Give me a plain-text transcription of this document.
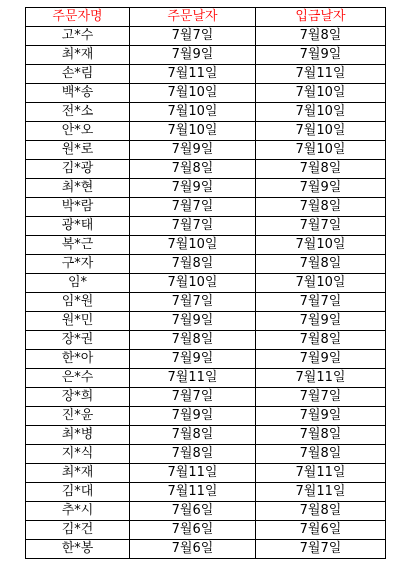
주문자명	주문날자	입금날자
고*수	7월7일	7월8일
최*재	7월9일	7월9일
손*림	7월11일	7월11일
백*송	7월10일	7월10일
전*소	7월10일	7월10일
안*오	7월10일	7월10일
원*로	7월9일	7월10일
김*광	7월8일	7월8일
최*현	7월9일	7월9일
박*람	7월7일	7월8일
광*태	7월7일	7월7일
복*근	7월10일	7월10일
구*자	7월8일	7월8일
임*	7월10일	7월10일
임*원	7월7일	7월7일
원*민	7월9일	7월9일
장*권	7월8일	7월8일
한*아	7월9일	7월9일
은*수	7월11일	7월11일
장*희	7월7일	7월7일
진*윤	7월9일	7월9일
최*병	7월8일	7월8일
지*식	7월8일	7월8일
최*재	7월11일	7월11일
김*대	7월11일	7월11일
추*시	7월6일	7월8일
김*건	7월6일	7월6일
한*봉	7월6일	7월7일
